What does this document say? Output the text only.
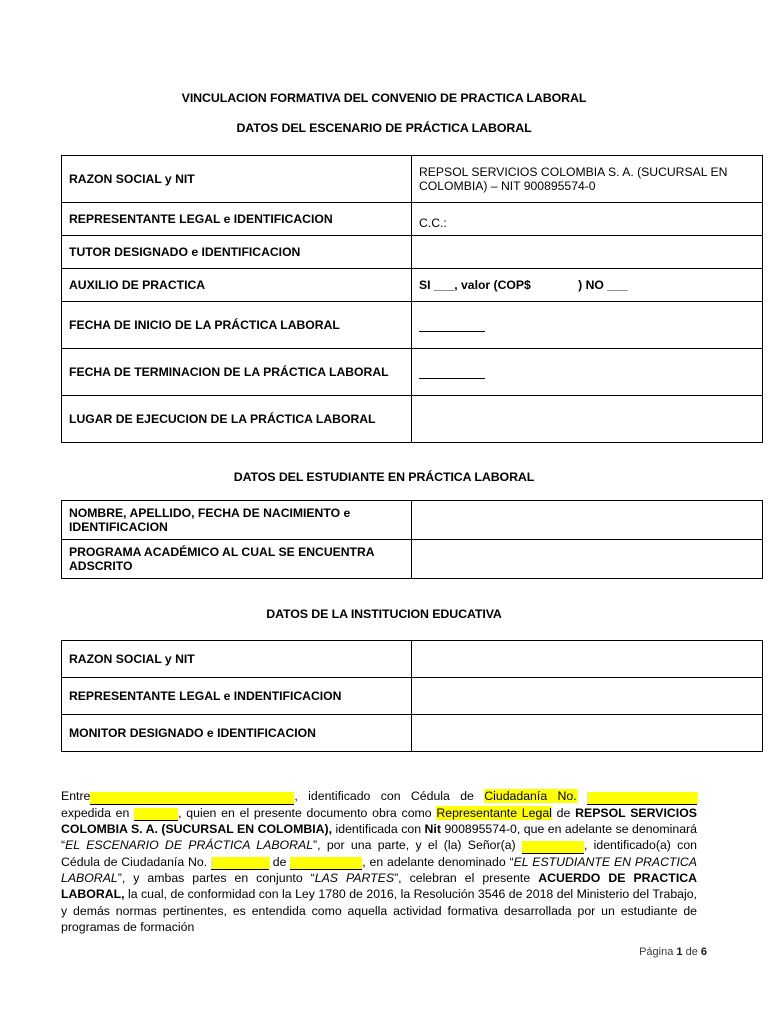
VINCULACION FORMATIVA DEL CONVENIO DE PRACTICA LABORAL
DATOS DEL ESCENARIO DE PRÁCTICA LABORAL
RAZON SOCIAL y NIT	REPSOL SERVICIOS COLOMBIA S. A. (SUCURSAL EN COLOMBIA) – NIT 900895574-0
REPRESENTANTE LEGAL e IDENTIFICACION	C.C.:

TUTOR DESIGNADO e IDENTIFICACION	
AUXILIO DE PRACTICA	SI ___, valor (COP$ ) NO ___
FECHA DE INICIO DE LA PRÁCTICA LABORAL	

FECHA DE TERMINACION DE LA PRÁCTICA LABORAL	

LUGAR DE EJECUCION DE LA PRÁCTICA LABORAL	
DATOS DEL ESTUDIANTE EN PRÁCTICA LABORAL
NOMBRE, APELLIDO, FECHA DE NACIMIENTO e IDENTIFICACION	
PROGRAMA ACADÉMICO AL CUAL SE ENCUENTRA ADSCRITO	
DATOS DE LA INSTITUCION EDUCATIVA
RAZON SOCIAL y NIT	
REPRESENTANTE LEGAL e INDENTIFICACION	
MONITOR DESIGNADO e IDENTIFICACION	

Entre	, identificado con Cédula de Ciudadanía No.  expedida en	, quien en el presente documento obra como Representante Legal de REPSOL SERVICIOS COLOMBIA S. A. (SUCURSAL EN COLOMBIA), identificada con Nit 900895574-0, que en adelante se denominará “EL ESCENARIO DE PRÁCTICA LABORAL”, por una parte, y el (la) Señor(a)	, identificado(a) con Cédula de Ciudadanía No.	de	, en adelante denominado “EL ESTUDIANTE EN PRACTICA LABORAL”, y ambas partes en conjunto “LAS PARTES”, celebran el presente ACUERDO DE PRACTICA LABORAL, la cual, de conformidad con la Ley 1780 de 2016, la Resolución 3546 de 2018 del Ministerio del Trabajo, y demás normas pertinentes, es entendida como aquella actividad formativa desarrollada por un estudiante de programas de formación

Página 1 de 6
